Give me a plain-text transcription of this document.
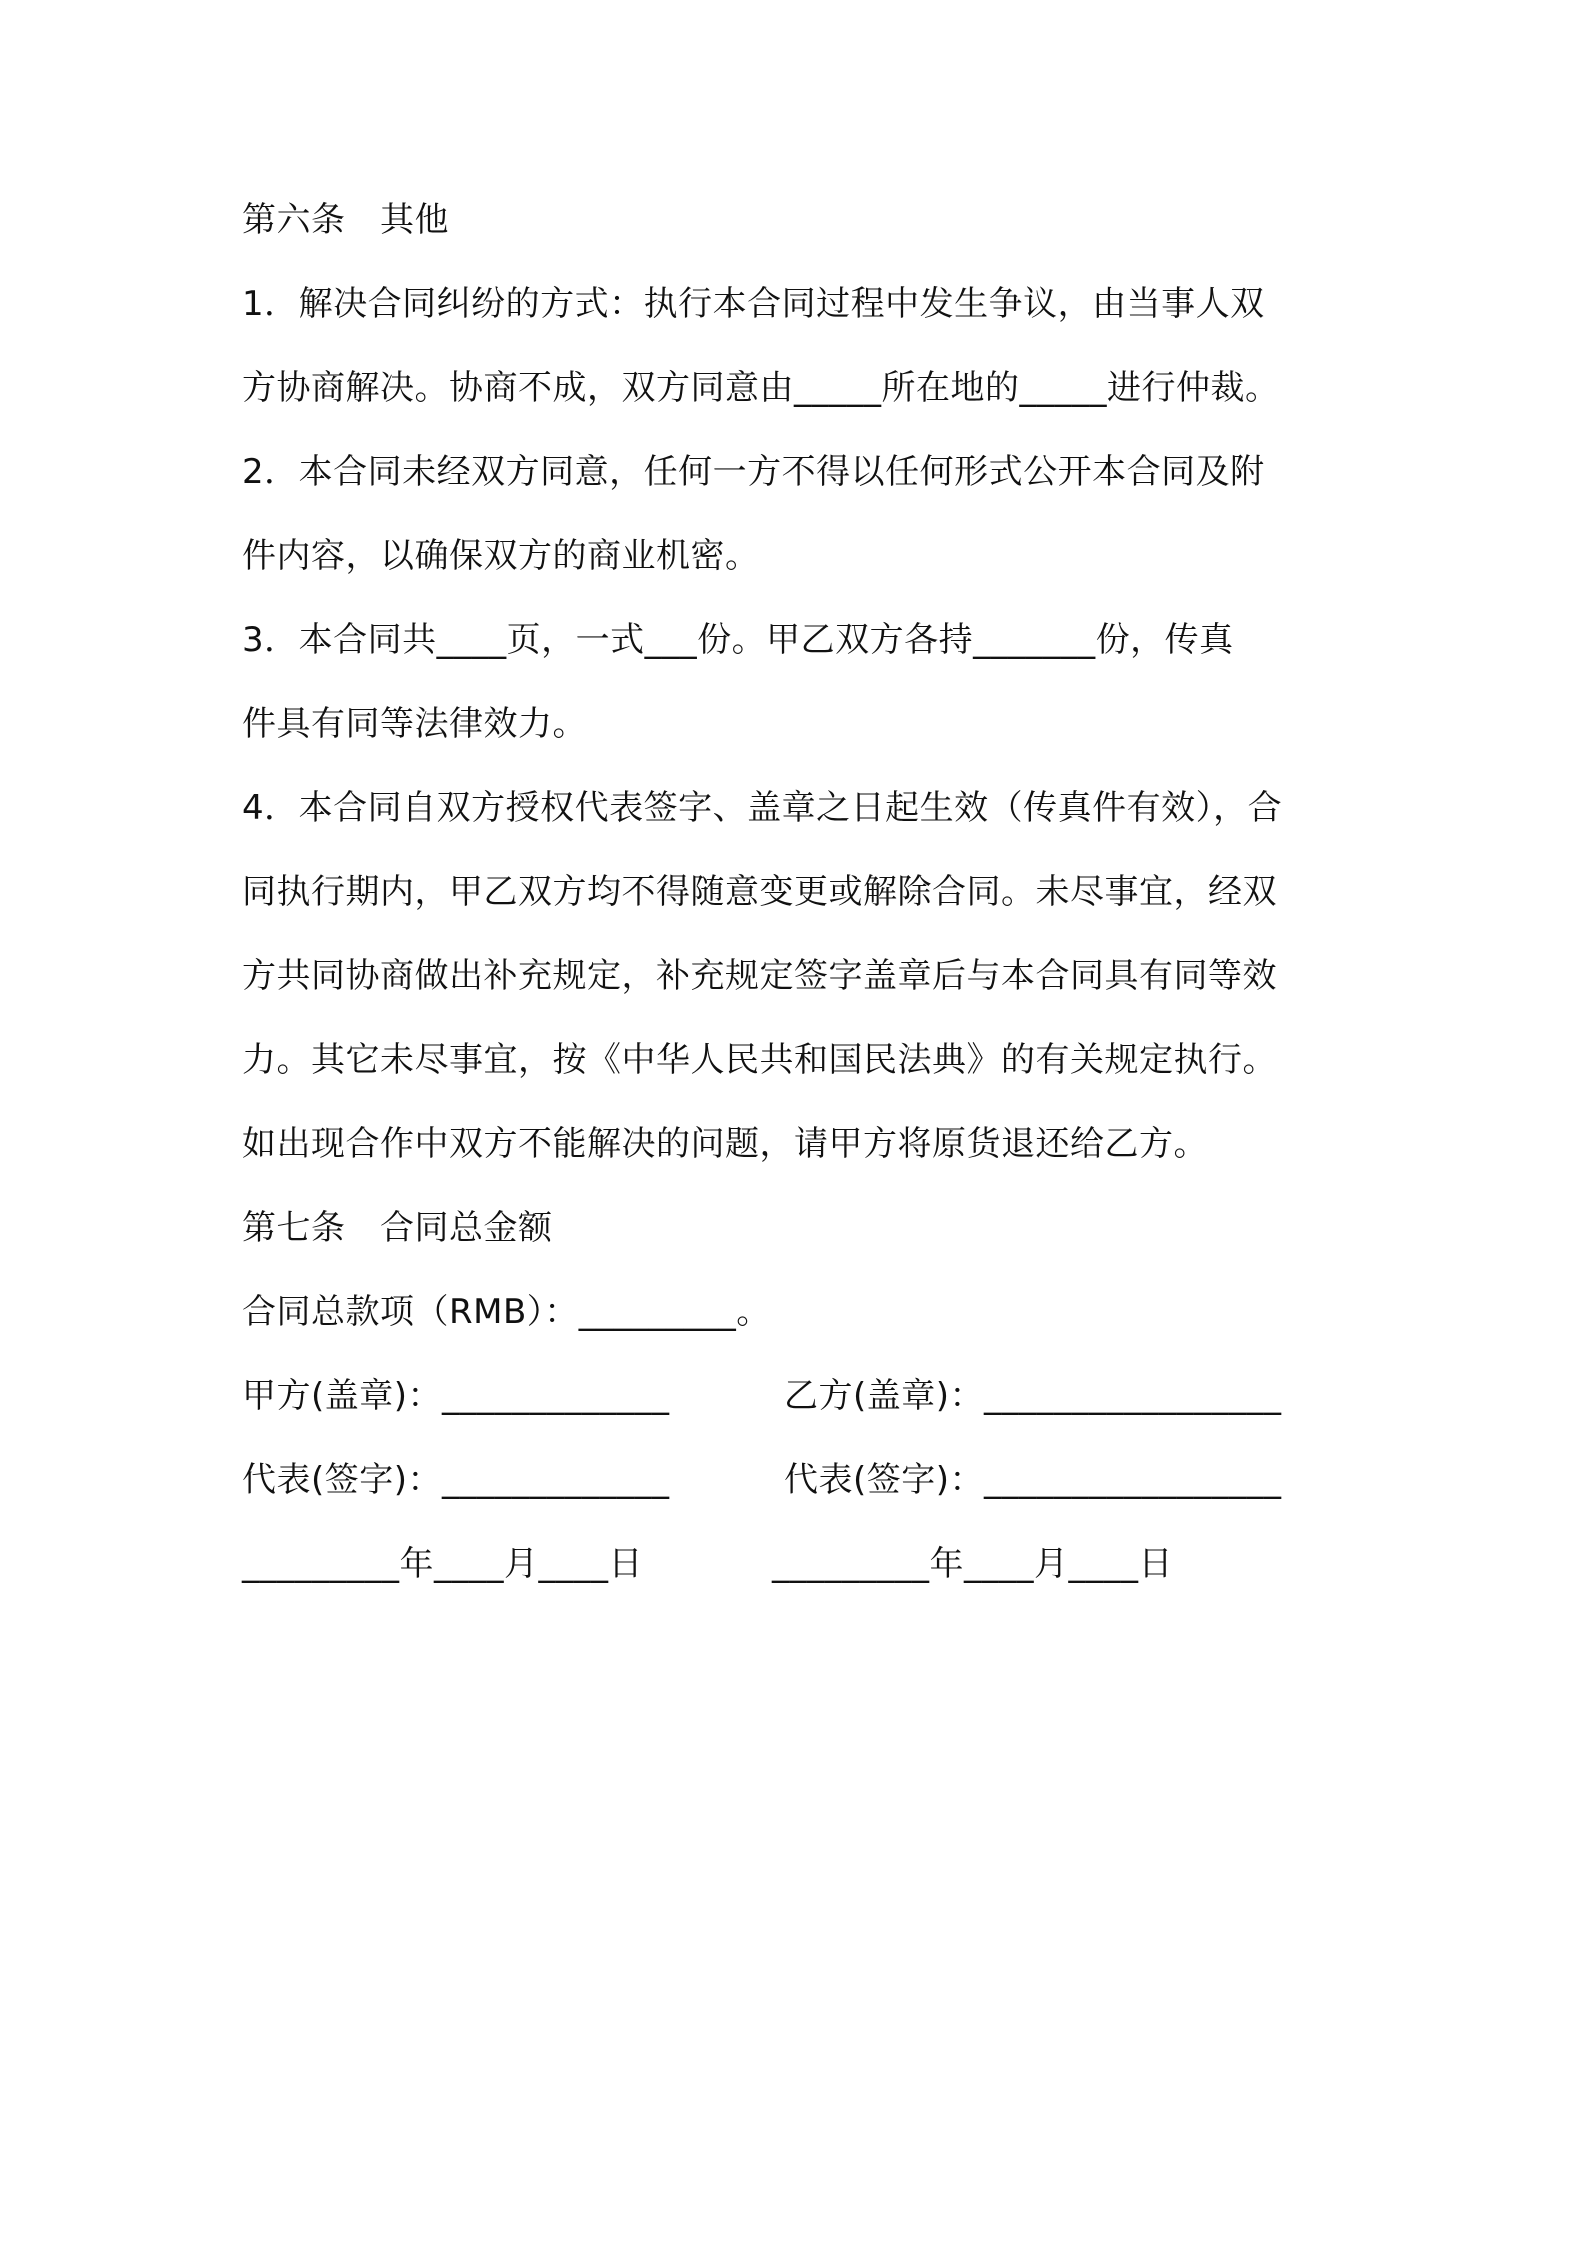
第六条　其他
1．解决合同纠纷的方式：执行本合同过程中发生争议，由当事人双
方协商解决。协商不成，双方同意由_____所在地的_____进行仲裁。
2．本合同未经双方同意，任何一方不得以任何形式公开本合同及附
件内容，以确保双方的商业机密。
3．本合同共____页，一式___份。甲乙双方各持_______份，传真
件具有同等法律效力。
4．本合同自双方授权代表签字、盖章之日起生效（传真件有效），合
同执行期内，甲乙双方均不得随意变更或解除合同。未尽事宜，经双
方共同协商做出补充规定，补充规定签字盖章后与本合同具有同等效
力。其它未尽事宜，按《中华人民共和国民法典》的有关规定执行。
如出现合作中双方不能解决的问题，请甲方将原货退还给乙方。
第七条　合同总金额
合同总款项（RMB）：_________。
甲方(盖章)：_____________	乙方(盖章)：_________________
代表(签字)：_____________	代表(签字)：_________________
_________年____月____日	_________年____月____日
